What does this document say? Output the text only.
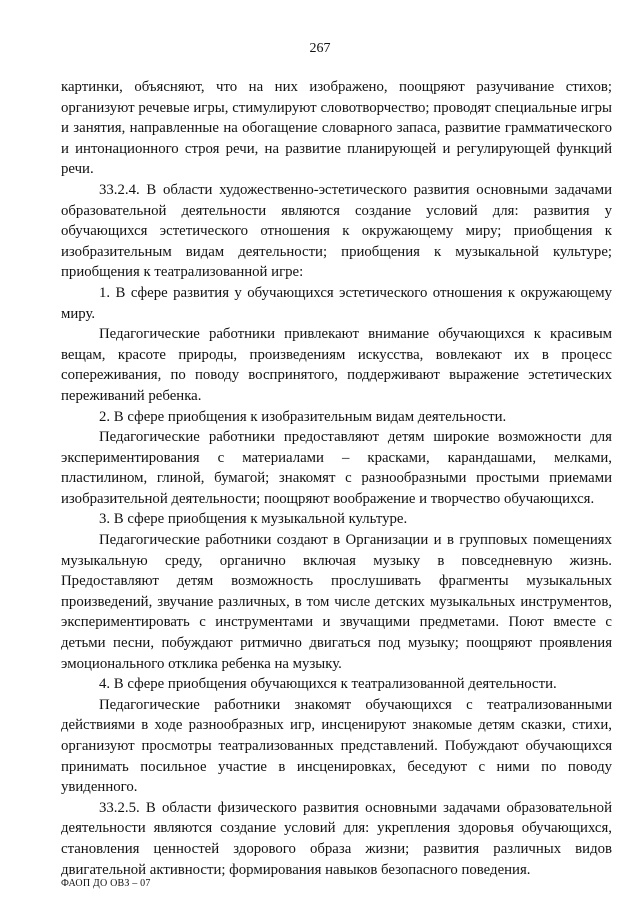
267

картинки, объясняют, что на них изображено, поощряют разучивание стихов; организуют речевые игры, стимулируют словотворчество; проводят специальные игры и занятия, направленные на обогащение словарного запаса, развитие грамматического и интонационного строя речи, на развитие планирующей и регулирующей функций речи.

33.2.4. В области художественно-эстетического развития основными задачами образовательной деятельности являются создание условий для: развития у обучающихся эстетического отношения к окружающему миру; приобщения к изобразительным видам деятельности; приобщения к музыкальной культуре; приобщения к театрализованной игре:

1. В сфере развития у обучающихся эстетического отношения к окружающему миру.

Педагогические работники привлекают внимание обучающихся к красивым вещам, красоте природы, произведениям искусства, вовлекают их в процесс сопереживания, по поводу воспринятого, поддерживают выражение эстетических переживаний ребенка.

2. В сфере приобщения к изобразительным видам деятельности.

Педагогические работники предоставляют детям широкие возможности для экспериментирования с материалами – красками, карандашами, мелками, пластилином, глиной, бумагой; знакомят с разнообразными простыми приемами изобразительной деятельности; поощряют воображение и творчество обучающихся.

3. В сфере приобщения к музыкальной культуре.

Педагогические работники создают в Организации и в групповых помещениях музыкальную среду, органично включая музыку в повседневную жизнь. Предоставляют детям возможность прослушивать фрагменты музыкальных произведений, звучание различных, в том числе детских музыкальных инструментов, экспериментировать с инструментами и звучащими предметами. Поют вместе с детьми песни, побуждают ритмично двигаться под музыку; поощряют проявления эмоционального отклика ребенка на музыку.

4. В сфере приобщения обучающихся к театрализованной деятельности.

Педагогические работники знакомят обучающихся с театрализованными действиями в ходе разнообразных игр, инсценируют знакомые детям сказки, стихи, организуют просмотры театрализованных представлений. Побуждают обучающихся принимать посильное участие в инсценировках, беседуют с ними по поводу увиденного.

33.2.5. В области физического развития основными задачами образовательной деятельности являются создание условий для: укрепления здоровья обучающихся, становления ценностей здорового образа жизни; развития различных видов двигательной активности; формирования навыков безопасного поведения.

ФАОП ДО ОВЗ – 07
